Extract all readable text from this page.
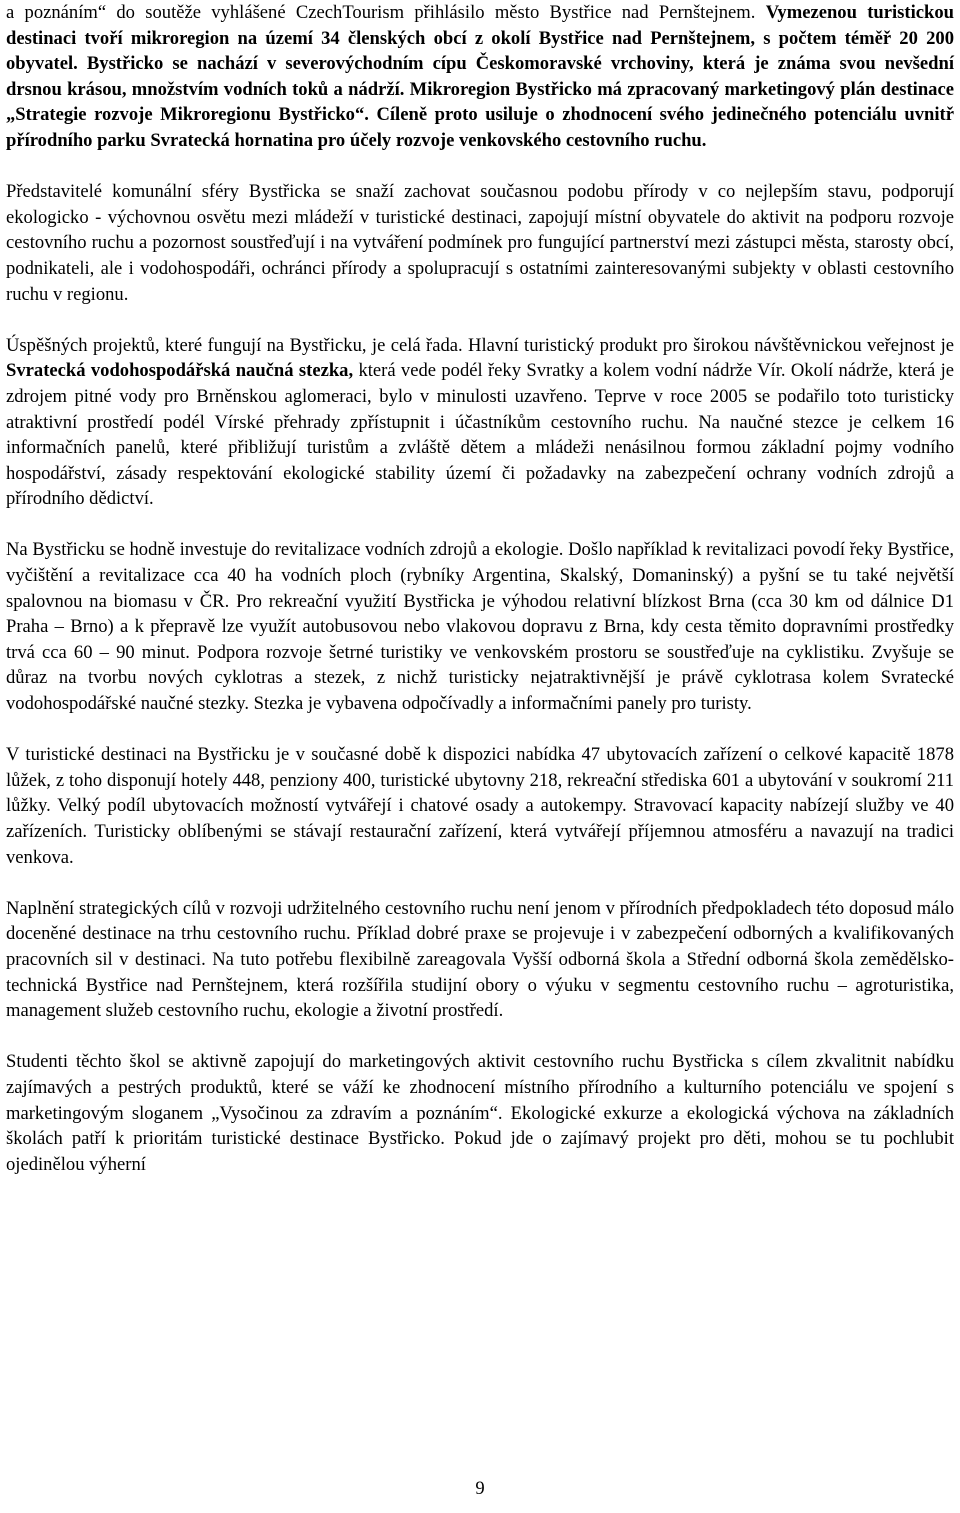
a poznáním“ do soutěže vyhlášené CzechTourism přihlásilo město Bystřice nad Pernštejnem. Vymezenou turistickou destinaci tvoří mikroregion na území 34 členských obcí z okolí Bystřice nad Pernštejnem, s počtem téměř 20 200 obyvatel. Bystřicko se nachází v severovýchodním cípu Českomoravské vrchoviny, která je známa svou nevšední drsnou krásou, množstvím vodních toků a nádrží. Mikroregion Bystřicko má zpracovaný marketingový plán destinace „Strategie rozvoje Mikroregionu Bystřicko“. Cíleně proto usiluje o zhodnocení svého jedinečného potenciálu uvnitř přírodního parku Svratecká hornatina pro účely rozvoje venkovského cestovního ruchu.

Představitelé komunální sféry Bystřicka se snaží zachovat současnou podobu přírody v co nejlepším stavu, podporují ekologicko - výchovnou osvětu mezi mládeží v turistické destinaci, zapojují místní obyvatele do aktivit na podporu rozvoje cestovního ruchu a pozornost soustřeďují i na vytváření podmínek pro fungující partnerství mezi zástupci města, starosty obcí, podnikateli, ale i vodohospodáři, ochránci přírody a spolupracují s ostatními zainteresovanými subjekty v oblasti cestovního ruchu v regionu.

Úspěšných projektů, které fungují na Bystřicku, je celá řada. Hlavní turistický produkt pro širokou návštěvnickou veřejnost je Svratecká vodohospodářská naučná stezka, která vede podél řeky Svratky a kolem vodní nádrže Vír. Okolí nádrže, která je zdrojem pitné vody pro Brněnskou aglomeraci, bylo v minulosti uzavřeno. Teprve v roce 2005 se podařilo toto turisticky atraktivní prostředí podél Vírské přehrady zpřístupnit i účastníkům cestovního ruchu. Na naučné stezce je celkem 16 informačních panelů, které přibližují turistům a zvláště dětem a mládeži nenásilnou formou základní pojmy vodního hospodářství, zásady respektování ekologické stability území či požadavky na zabezpečení ochrany vodních zdrojů a přírodního dědictví.

Na Bystřicku se hodně investuje do revitalizace vodních zdrojů a ekologie. Došlo například k revitalizaci povodí řeky Bystřice, vyčištění a revitalizace cca 40 ha vodních ploch (rybníky Argentina, Skalský, Domaninský) a pyšní se tu také největší spalovnou na biomasu v ČR. Pro rekreační využití Bystřicka je výhodou relativní blízkost Brna (cca 30 km od dálnice D1 Praha – Brno) a k přepravě lze využít autobusovou nebo vlakovou dopravu z Brna, kdy cesta těmito dopravními prostředky trvá cca 60 – 90 minut. Podpora rozvoje šetrné turistiky ve venkovském prostoru se soustřeďuje na cyklistiku. Zvyšuje se důraz na tvorbu nových cyklotras a stezek, z nichž turisticky nejatraktivnější je právě cyklotrasa kolem Svratecké vodohospodářské naučné stezky. Stezka je vybavena odpočívadly a informačními panely pro turisty.

V turistické destinaci na Bystřicku je v současné době k dispozici nabídka 47 ubytovacích zařízení o celkové kapacitě 1878 lůžek, z toho disponují hotely 448, penziony 400, turistické ubytovny 218, rekreační střediska 601 a ubytování v soukromí 211 lůžky. Velký podíl ubytovacích možností vytvářejí i chatové osady a autokempy. Stravovací kapacity nabízejí služby ve 40 zařízeních. Turisticky oblíbenými se stávají restaurační zařízení, která vytvářejí příjemnou atmosféru a navazují na tradici venkova.

Naplnění strategických cílů v rozvoji udržitelného cestovního ruchu není jenom v přírodních předpokladech této doposud málo doceněné destinace na trhu cestovního ruchu. Příklad dobré praxe se projevuje i v zabezpečení odborných a kvalifikovaných pracovních sil v destinaci. Na tuto potřebu flexibilně zareagovala Vyšší odborná škola a Střední odborná škola zemědělsko-technická Bystřice nad Pernštejnem, která rozšířila studijní obory o výuku v segmentu cestovního ruchu – agroturistika, management služeb cestovního ruchu, ekologie a životní prostředí.

Studenti těchto škol se aktivně zapojují do marketingových aktivit cestovního ruchu Bystřicka s cílem zkvalitnit nabídku zajímavých a pestrých produktů, které se váží ke zhodnocení místního přírodního a kulturního potenciálu ve spojení s marketingovým sloganem „Vysočinou za zdravím a poznáním“. Ekologické exkurze a ekologická výchova na základních školách patří k prioritám turistické destinace Bystřicko. Pokud jde o zajímavý projekt pro děti, mohou se tu pochlubit ojedinělou výherní

9
